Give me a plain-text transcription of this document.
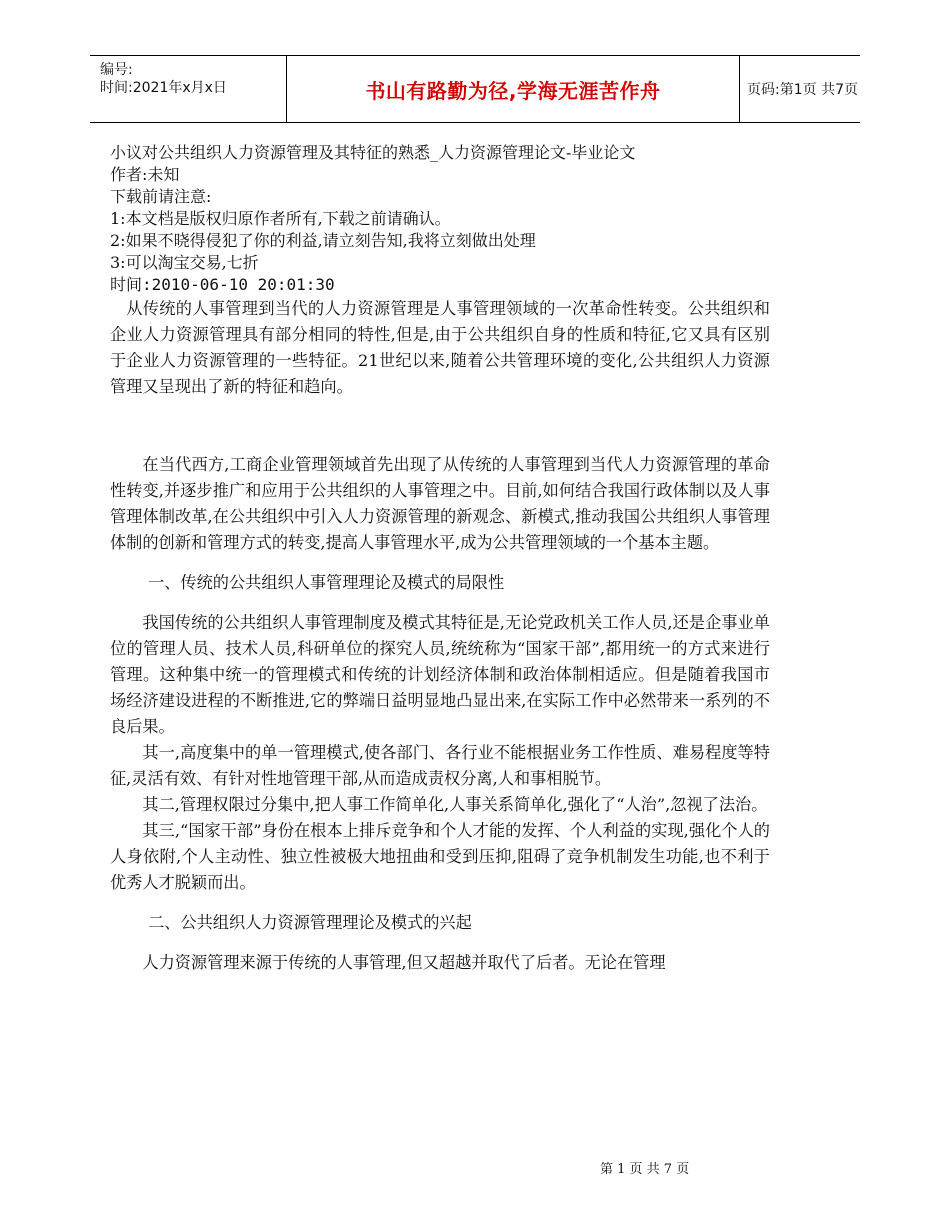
编号:
时间:2021年x月x日	书山有路勤为径,学海无涯苦作舟	页码:第1页 共7页
小议对公共组织人力资源管理及其特征的熟悉_人力资源管理论文-毕业论文
作者:未知
下载前请注意:
1:本文档是版权归原作者所有,下载之前请确认。
2:如果不晓得侵犯了你的利益,请立刻告知,我将立刻做出处理
3:可以淘宝交易,七折
时间:2010-06-10 20:01:30

从传统的人事管理到当代的人力资源管理是人事管理领域的一次革命性转变。公共组织和企业人力资源管理具有部分相同的特性,但是,由于公共组织自身的性质和特征,它又具有区别于企业人力资源管理的一些特征。21世纪以来,随着公共管理环境的变化,公共组织人力资源管理又呈现出了新的特征和趋向。

在当代西方,工商企业管理领域首先出现了从传统的人事管理到当代人力资源管理的革命性转变,并逐步推广和应用于公共组织的人事管理之中。目前,如何结合我国行政体制以及人事管理体制改革,在公共组织中引入人力资源管理的新观念、新模式,推动我国公共组织人事管理体制的创新和管理方式的转变,提高人事管理水平,成为公共管理领域的一个基本主题。

一、传统的公共组织人事管理理论及模式的局限性

我国传统的公共组织人事管理制度及模式其特征是,无论党政机关工作人员,还是企事业单位的管理人员、技术人员,科研单位的探究人员,统统称为“国家干部”,都用统一的方式来进行管理。这种集中统一的管理模式和传统的计划经济体制和政治体制相适应。但是随着我国市场经济建设进程的不断推进,它的弊端日益明显地凸显出来,在实际工作中必然带来一系列的不良后果。

其一,高度集中的单一管理模式,使各部门、各行业不能根据业务工作性质、难易程度等特征,灵活有效、有针对性地管理干部,从而造成责权分离,人和事相脱节。

其二,管理权限过分集中,把人事工作简单化,人事关系简单化,强化了“人治”,忽视了法治。

其三,“国家干部”身份在根本上排斥竞争和个人才能的发挥、个人利益的实现,强化个人的人身依附,个人主动性、独立性被极大地扭曲和受到压抑,阻碍了竞争机制发生功能,也不利于优秀人才脱颖而出。

二、公共组织人力资源管理理论及模式的兴起

人力资源管理来源于传统的人事管理,但又超越并取代了后者。无论在管理

第 1 页 共 7 页
